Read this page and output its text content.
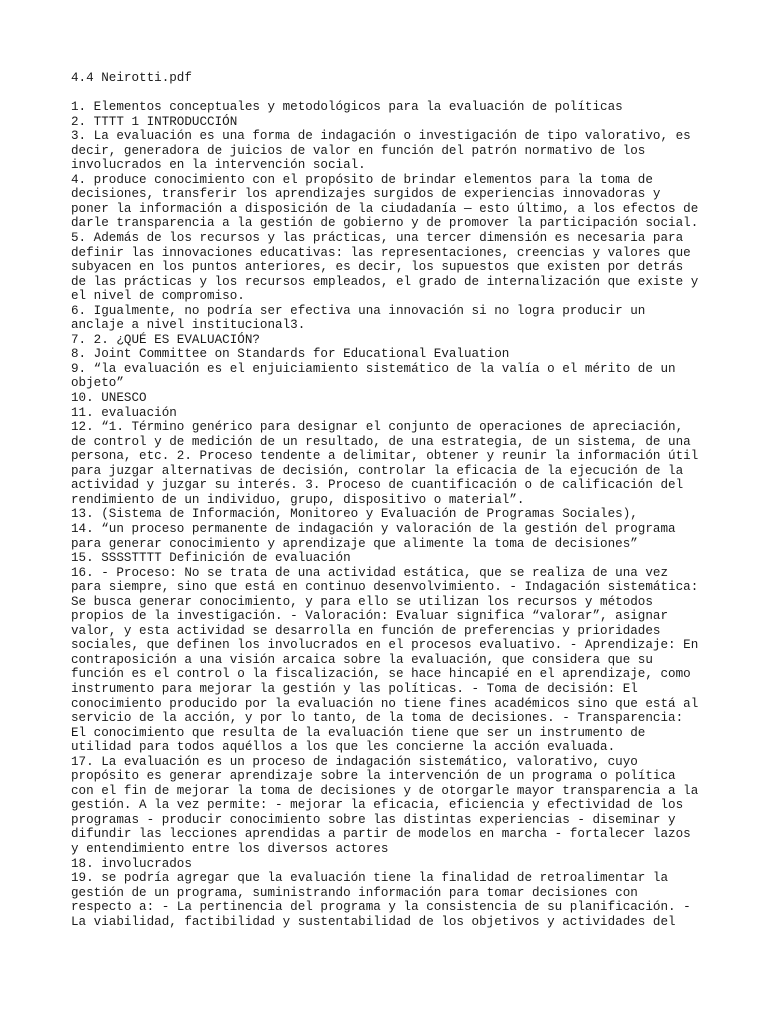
4.4 Neirotti.pdf
1. Elementos conceptuales y metodológicos para la evaluación de políticas
2. TTTT 1 INTRODUCCIÓN
3. La evaluación es una forma de indagación o investigación de tipo valorativo, es
decir, generadora de juicios de valor en función del patrón normativo de los
involucrados en la intervención social.
4. produce conocimiento con el propósito de brindar elementos para la toma de
decisiones, transferir los aprendizajes surgidos de experiencias innovadoras y
poner la información a disposición de la ciudadanía — esto último, a los efectos de
darle transparencia a la gestión de gobierno y de promover la participación social.
5. Además de los recursos y las prácticas, una tercer dimensión es necesaria para
definir las innovaciones educativas: las representaciones, creencias y valores que
subyacen en los puntos anteriores, es decir, los supuestos que existen por detrás
de las prácticas y los recursos empleados, el grado de internalización que existe y
el nivel de compromiso.
6. Igualmente, no podría ser efectiva una innovación si no logra producir un
anclaje a nivel institucional3.
7. 2. ¿QUÉ ES EVALUACIÓN?
8. Joint Committee on Standards for Educational Evaluation
9. “la evaluación es el enjuiciamiento sistemático de la valía o el mérito de un
objeto”
10. UNESCO
11. evaluación
12. “1. Término genérico para designar el conjunto de operaciones de apreciación,
de control y de medición de un resultado, de una estrategia, de un sistema, de una
persona, etc. 2. Proceso tendente a delimitar, obtener y reunir la información útil
para juzgar alternativas de decisión, controlar la eficacia de la ejecución de la
actividad y juzgar su interés. 3. Proceso de cuantificación o de calificación del
rendimiento de un individuo, grupo, dispositivo o material”.
13. (Sistema de Información, Monitoreo y Evaluación de Programas Sociales),
14. “un proceso permanente de indagación y valoración de la gestión del programa
para generar conocimiento y aprendizaje que alimente la toma de decisiones”
15. SSSSTTTT Definición de evaluación
16. - Proceso: No se trata de una actividad estática, que se realiza de una vez
para siempre, sino que está en continuo desenvolvimiento. - Indagación sistemática:
Se busca generar conocimiento, y para ello se utilizan los recursos y métodos
propios de la investigación. - Valoración: Evaluar significa “valorar”, asignar
valor, y esta actividad se desarrolla en función de preferencias y prioridades
sociales, que definen los involucrados en el procesos evaluativo. - Aprendizaje: En
contraposición a una visión arcaica sobre la evaluación, que considera que su
función es el control o la fiscalización, se hace hincapié en el aprendizaje, como
instrumento para mejorar la gestión y las políticas. - Toma de decisión: El
conocimiento producido por la evaluación no tiene fines académicos sino que está al
servicio de la acción, y por lo tanto, de la toma de decisiones. - Transparencia:
El conocimiento que resulta de la evaluación tiene que ser un instrumento de
utilidad para todos aquéllos a los que les concierne la acción evaluada.
17. La evaluación es un proceso de indagación sistemático, valorativo, cuyo
propósito es generar aprendizaje sobre la intervención de un programa o política
con el fin de mejorar la toma de decisiones y de otorgarle mayor transparencia a la
gestión. A la vez permite: - mejorar la eficacia, eficiencia y efectividad de los
programas - producir conocimiento sobre las distintas experiencias - diseminar y
difundir las lecciones aprendidas a partir de modelos en marcha - fortalecer lazos
y entendimiento entre los diversos actores
18. involucrados
19. se podría agregar que la evaluación tiene la finalidad de retroalimentar la
gestión de un programa, suministrando información para tomar decisiones con
respecto a: - La pertinencia del programa y la consistencia de su planificación. -
La viabilidad, factibilidad y sustentabilidad de los objetivos y actividades del
